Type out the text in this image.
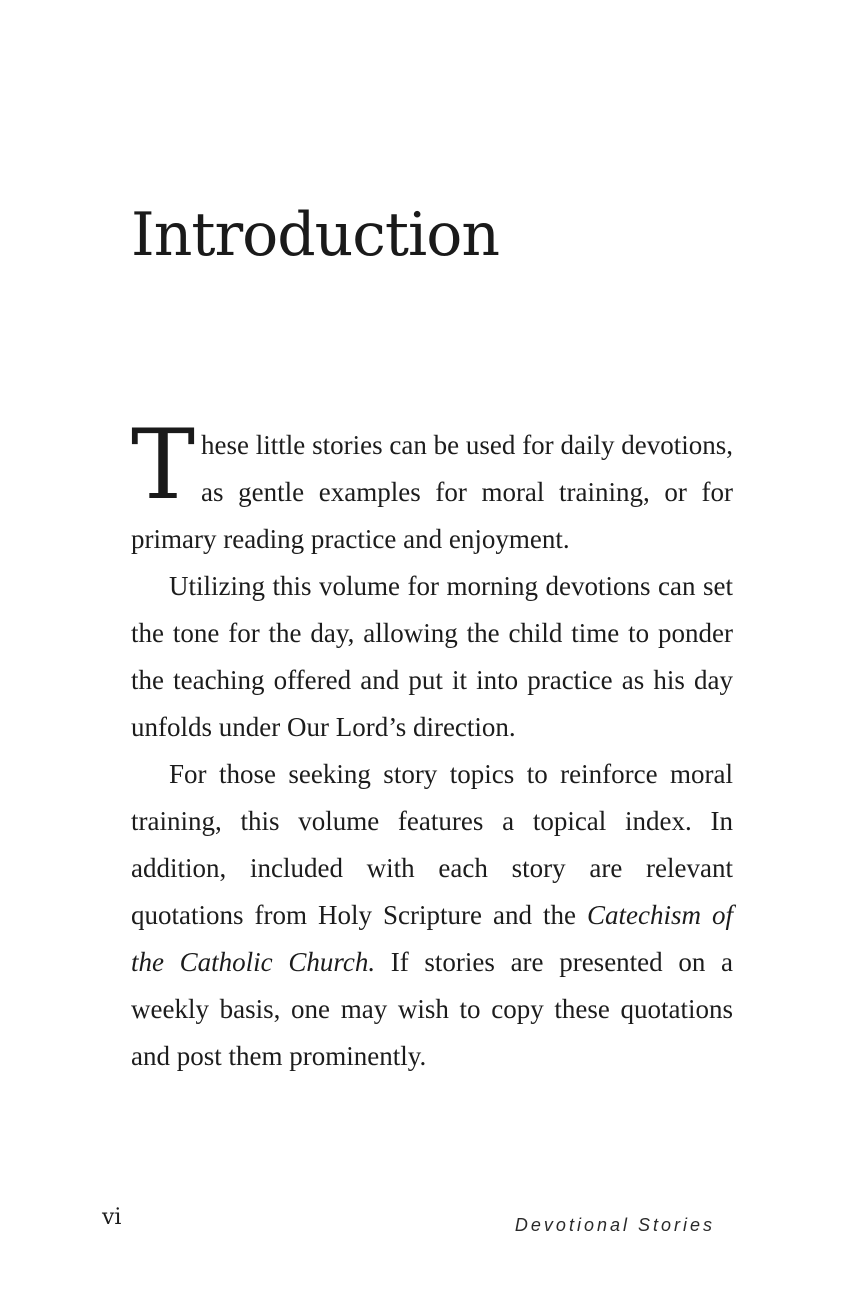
Introduction

These little stories can be used for daily devotions, as gentle examples for moral training, or for primary reading practice and enjoyment.

Utilizing this volume for morning devotions can set the tone for the day, allowing the child time to ponder the teaching offered and put it into practice as his day unfolds under Our Lord’s direction.

For those seeking story topics to reinforce moral training, this volume features a topical index. In addition, included with each story are relevant quotations from Holy Scripture and the Catechism of the Catholic Church. If stories are presented on a weekly basis, one may wish to copy these quotations and post them prominently.

vi	Devotional Stories
